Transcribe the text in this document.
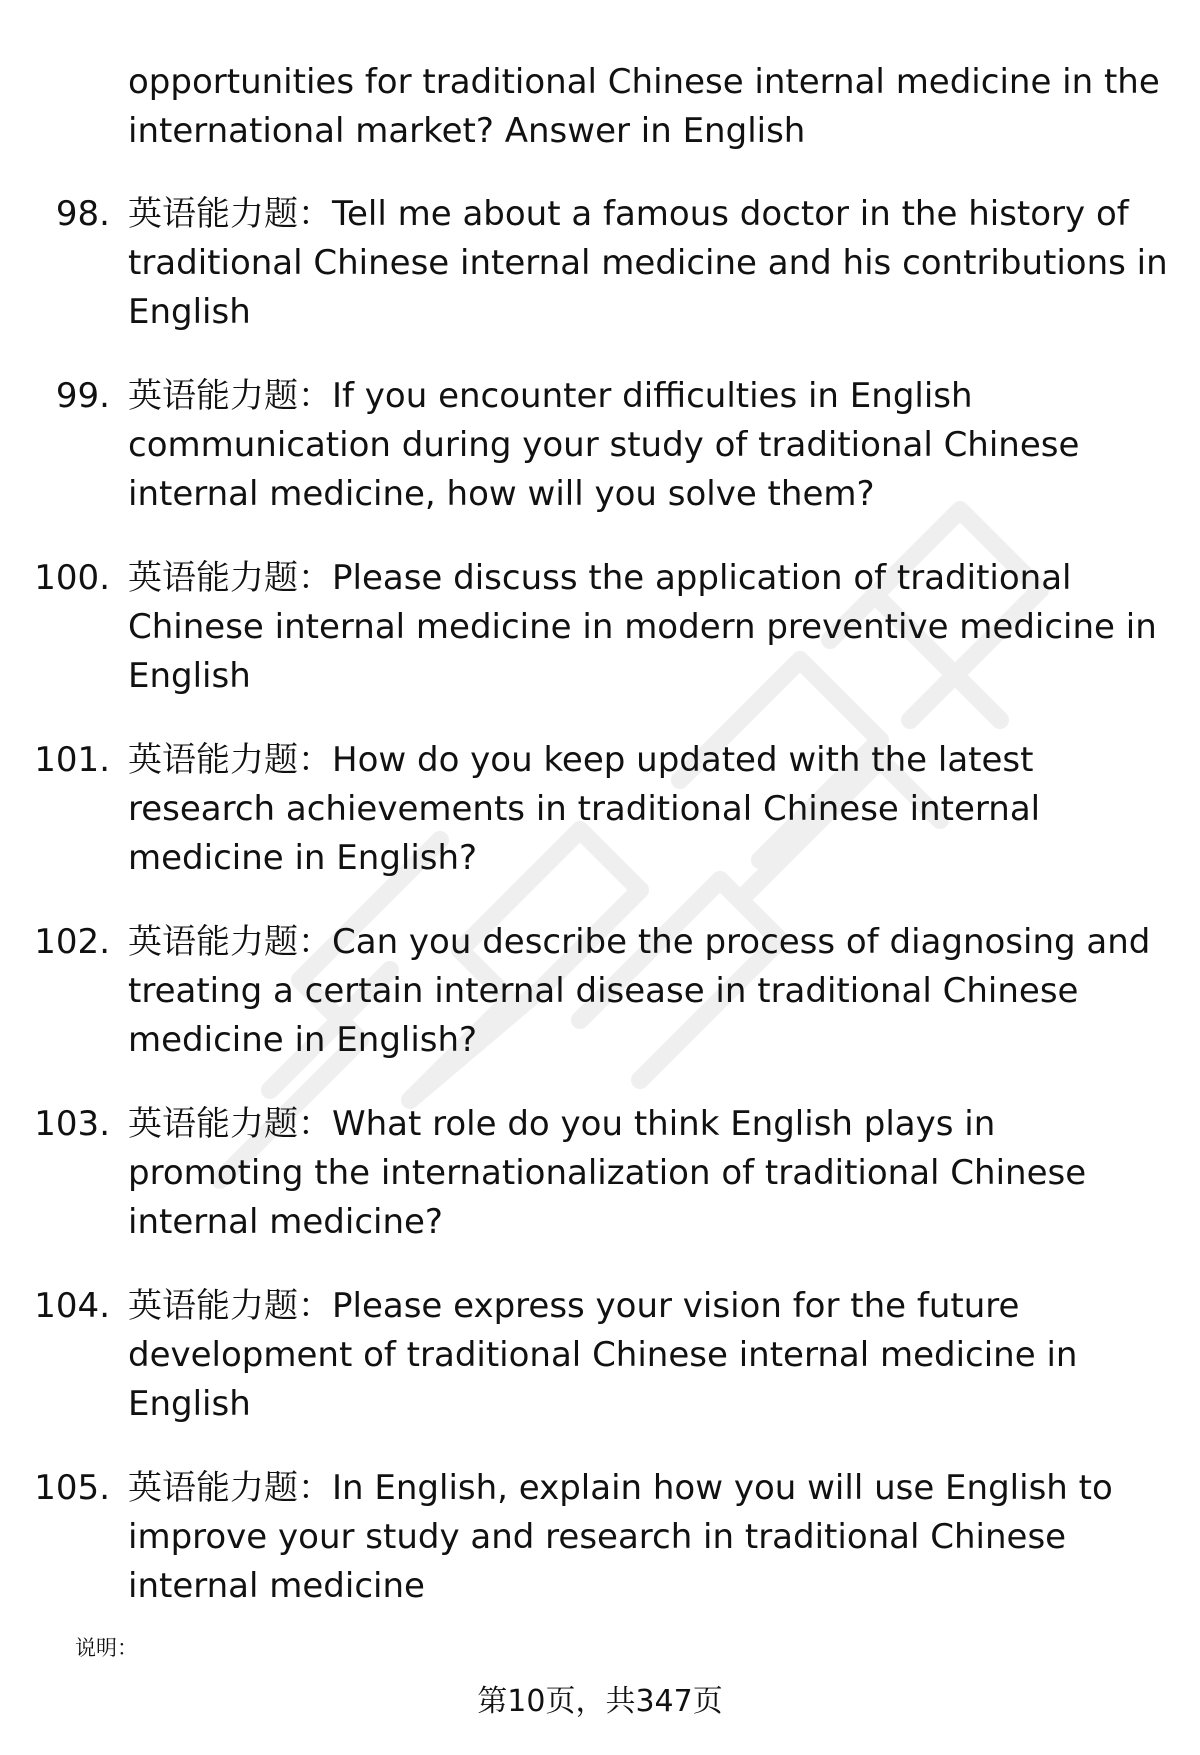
opportunities for traditional Chinese internal medicine in the international market? Answer in English

98. 英语能力题：Tell me about a famous doctor in the history of traditional Chinese internal medicine and his contributions in English
99. 英语能力题：If you encounter difficulties in English communication during your study of traditional Chinese internal medicine, how will you solve them?
100. 英语能力题：Please discuss the application of traditional Chinese internal medicine in modern preventive medicine in English
101. 英语能力题：How do you keep updated with the latest research achievements in traditional Chinese internal medicine in English?
102. 英语能力题：Can you describe the process of diagnosing and treating a certain internal disease in traditional Chinese medicine in English?
103. 英语能力题：What role do you think English plays in promoting the internationalization of traditional Chinese internal medicine?
104. 英语能力题：Please express your vision for the future development of traditional Chinese internal medicine in English
105. 英语能力题：In English, explain how you will use English to improve your study and research in traditional Chinese internal medicine

说明：

第10页，共347页
